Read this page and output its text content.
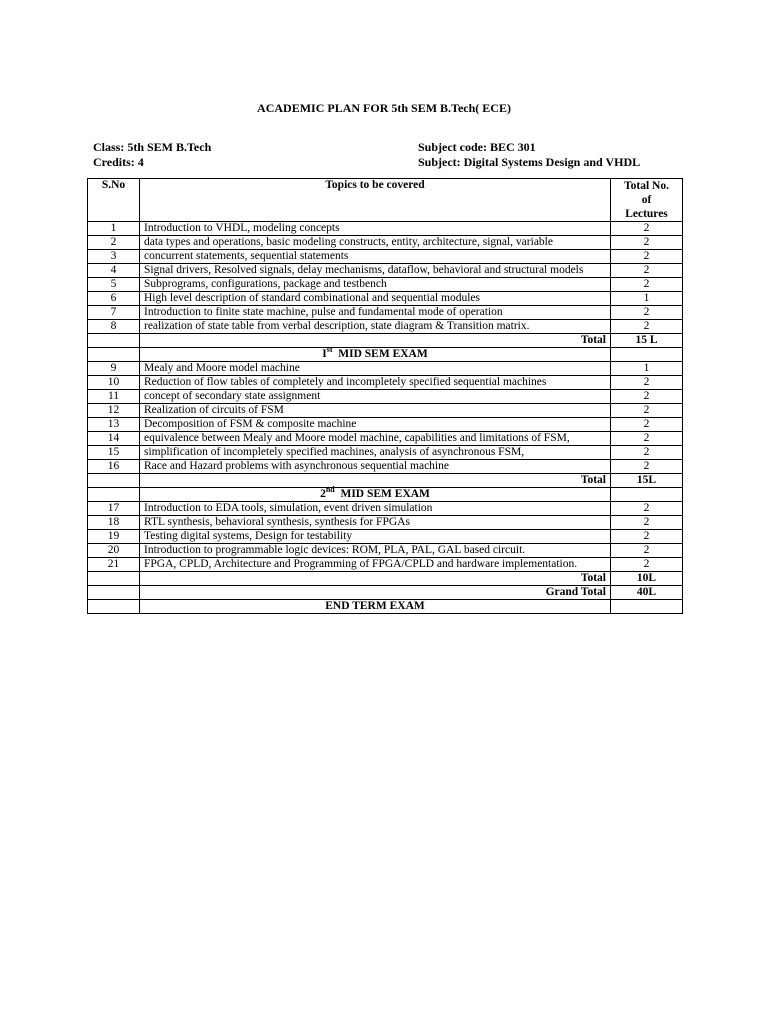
ACADEMIC PLAN FOR 5th SEM B.Tech( ECE)
Class: 5th SEM B.Tech
Credits: 4
Subject code: BEC 301
Subject: Digital Systems Design and VHDL
S.No	Topics to be covered	Total No.
of
Lectures

1	Introduction to VHDL, modeling concepts	2
2	data types and operations, basic modeling constructs, entity, architecture, signal, variable	2
3	concurrent statements, sequential statements	2
4	Signal drivers, Resolved signals, delay mechanisms, dataflow, behavioral and structural models	2
5	Subprograms, configurations, package and testbench	2
6	High level description of standard combinational and sequential modules	1
7	Introduction to finite state machine, pulse and fundamental mode of operation	2
8	realization of state table from verbal description, state diagram & Transition matrix.	2
	Total	15 L
	Ist  MID SEM EXAM	
9	Mealy and Moore model machine	1
10	Reduction of flow tables of completely and incompletely specified sequential machines	2
11	concept of secondary state assignment	2
12	Realization of circuits of FSM	2
13	Decomposition of FSM & composite machine	2
14	equivalence between Mealy and Moore model machine, capabilities and limitations of FSM,	2
15	simplification of incompletely specified machines, analysis of asynchronous FSM,	2
16	Race and Hazard problems with asynchronous sequential machine	2
	Total	15L
	2nd  MID SEM EXAM	
17	Introduction to EDA tools, simulation, event driven simulation	2
18	RTL synthesis, behavioral synthesis, synthesis for FPGAs	2
19	Testing digital systems, Design for testability	2
20	Introduction to programmable logic devices: ROM, PLA, PAL, GAL based circuit.	2
21	FPGA, CPLD, Architecture and Programming of FPGA/CPLD and hardware implementation.	2
	Total	10L
	Grand Total	40L
	END TERM EXAM	
